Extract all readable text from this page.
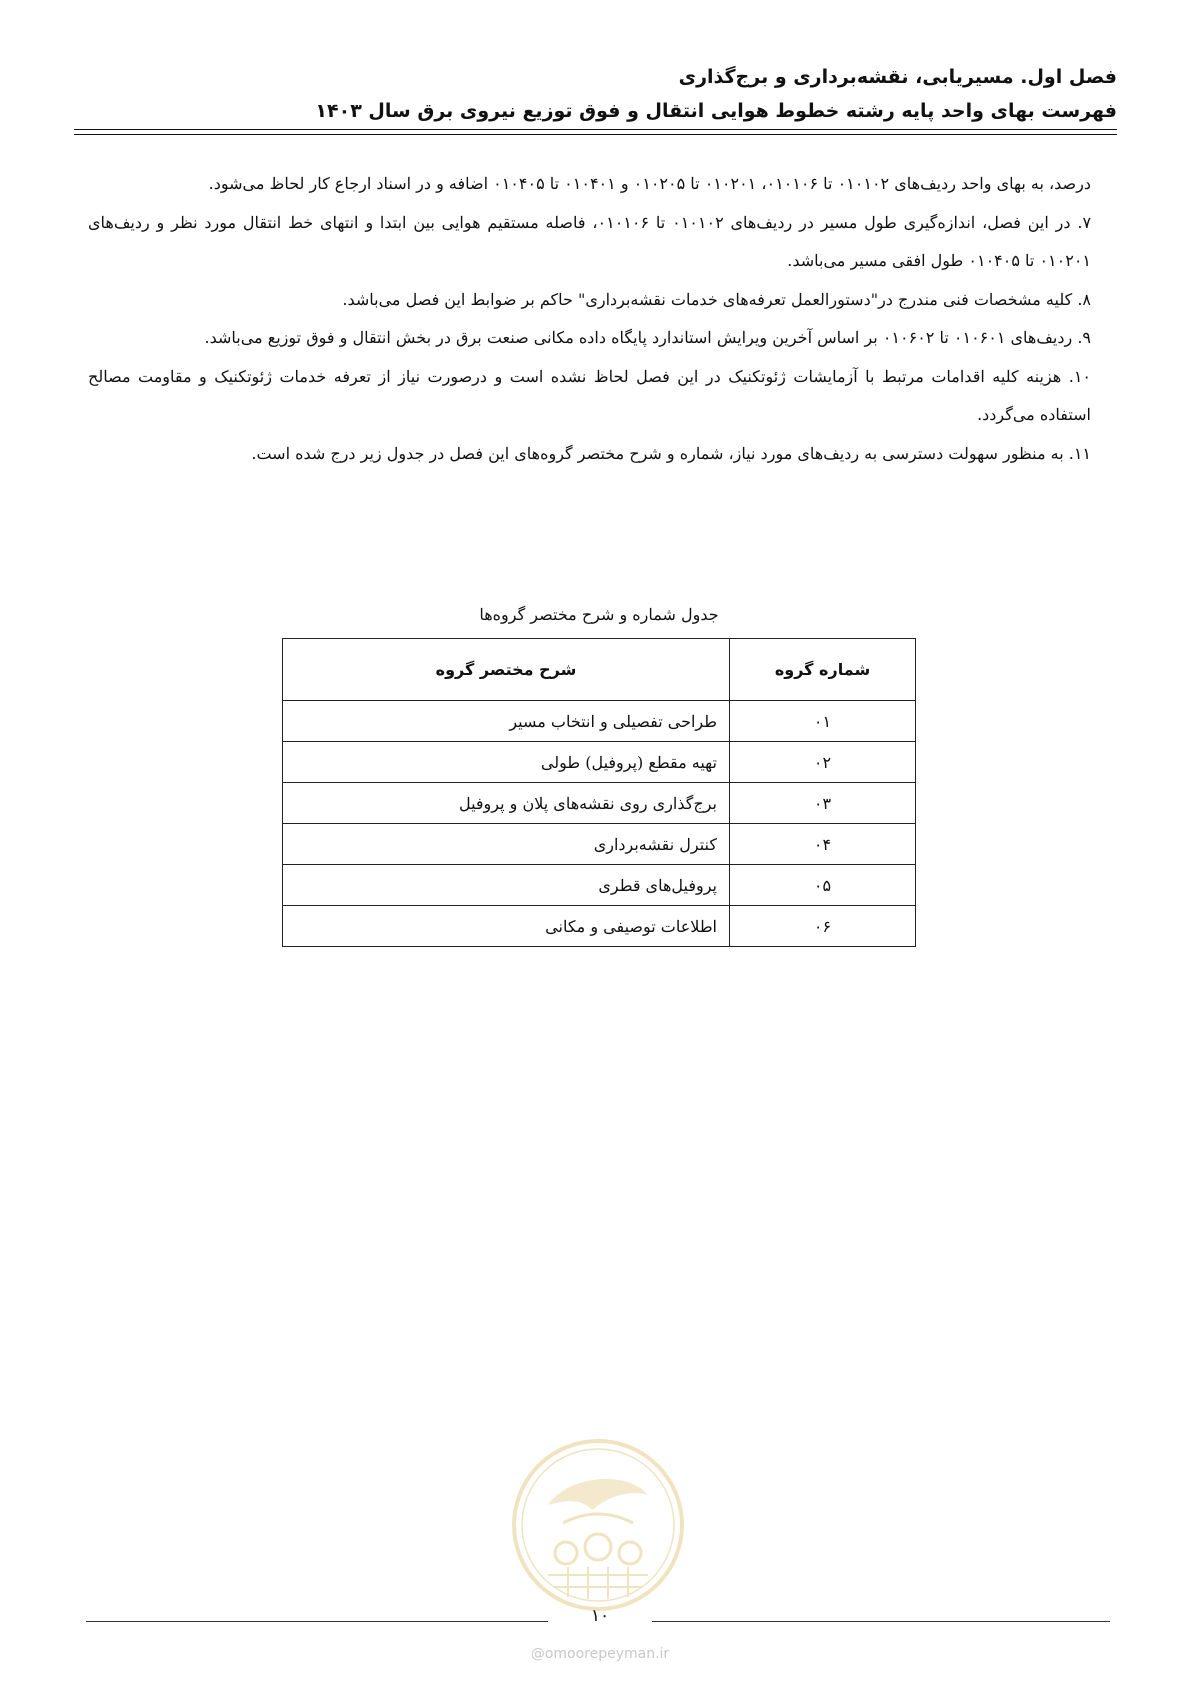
فصل اول. مسیریابی، نقشه‌برداری و برج‌گذاری
فهرست بهای واحد پایه رشته خطوط هوایی انتقال و فوق توزیع نیروی برق سال ۱۴۰۳

درصد، به بهای واحد ردیف‌های ۰۱۰۱۰۲ تا ۰۱۰۱۰۶، ۰۱۰۲۰۱ تا ۰۱۰۲۰۵ و ۰۱۰۴۰۱ تا ۰۱۰۴۰۵ اضافه و در اسناد ارجاع کار لحاظ می‌شود.

۷. در این فصل، اندازه‌گیری طول مسیر در ردیف‌های ۰۱۰۱۰۲ تا ۰۱۰۱۰۶، فاصله مستقیم هوایی بین ابتدا و انتهای خط انتقال مورد نظر و ردیف‌های ۰۱۰۲۰۱ تا ۰۱۰۴۰۵ طول افقی مسیر می‌باشد.

۸. کلیه مشخصات فنی مندرج در"دستورالعمل تعرفه‌های خدمات نقشه‌برداری" حاکم بر ضوابط این فصل می‌باشد.

۹. ردیف‌های ۰۱۰۶۰۱ تا ۰۱۰۶۰۲ بر اساس آخرین ویرایش استاندارد پایگاه داده مکانی صنعت برق در بخش انتقال و فوق توزیع می‌باشد.

۱۰. هزینه کلیه اقدامات مرتبط با آزمایشات ژئوتکنیک در این فصل لحاظ نشده است و درصورت نیاز از تعرفه خدمات ژئوتکنیک و مقاومت مصالح استفاده می‌گردد.

۱۱. به منظور سهولت دسترسی به ردیف‌های مورد نیاز، شماره و شرح مختصر گروه‌های این فصل در جدول زیر درج شده است.

جدول شماره و شرح مختصر گروه‌ها
شماره گروه	شرح مختصر گروه
۰۱	طراحی تفصیلی و انتخاب مسیر
۰۲	تهیه مقطع (پروفیل) طولی
۰۳	برج‌گذاری روی نقشه‌های پلان و پروفیل
۰۴	کنترل نقشه‌برداری
۰۵	پروفیل‌های قطری
۰۶	اطلاعات توصیفی و مکانی
۱۰
@omoorepeyman.ir
